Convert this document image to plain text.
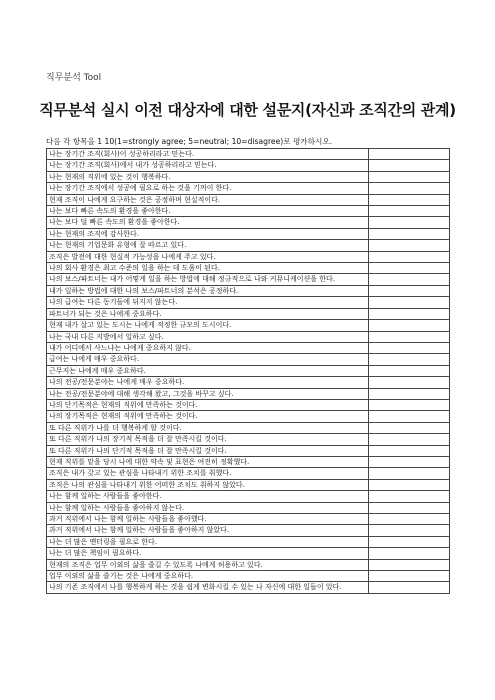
직무분석 Tool
직무분석 실시 이전 대상자에 대한 설문지(자신과 조직간의 관계)
다음 각 항목을 1 10(1=strongly agree; 5=neutral; 10=disagree)로 평가하시오.
나는 장기간 조직(회사)이 성공하리라고 믿는다.	
나는 장기간 조직(회사)에서 내가 성공하리라고 믿는다.	
나는 현재의 직위에 있는 것이 행복하다.	
나는 장기간 조직에서 성공에 필요로 하는 것을 기꺼이 한다.	
현재 조직이 나에게 요구하는 것은 공정하며 현실적이다.	
나는 보다 빠른 속도의 환경을 좋아한다.	
나는 보다 덜 빠른 속도의 환경을 좋아한다.	
나는 현재의 조직에 감사한다.	
나는 현재의 기업문화 유형에 잘 따르고 있다.	
조직은 발전에 대한 현실적 가능성을 나에게 주고 있다.	
나의 회사 환경은 최고 수준의 일을 하는 데 도움이 된다.	
나의 보스/파트너는 내가 어떻게 일을 하는 방법에 대해 정규적으로 나와 커뮤니케이션을 한다.	
내가 일하는 방법에 대한 나의 보스/파트너의 분석은 공정하다.	
나의 급여는 다른 동기들에 뒤지지 않는다.	
파트너가 되는 것은 나에게 중요하다.	
현재 내가 살고 있는 도시는 나에게 적정한 규모의 도시이다.	
나는 국내 다른 지방에서 일하고 싶다.	
내가 어디에서 사느냐는 나에게 중요하지 않다.	
급여는 나에게 매우 중요하다.	
근무지는 나에게 매우 중요하다.	
나의 전공/전문분야는 나에게 매우 중요하다.	
나는 전공/전문분야에 대해 생각해 왔고, 그것을 바꾸고 싶다.	
나의 단기목적은 현재의 직위에 만족하는 것이다.	
나의 장기목적은 현재의 직위에 만족하는 것이다.	
또 다른 직위가 나를 더 행복하게 할 것이다.	
또 다른 직위가 나의 장기적 목적을 더 잘 만족시킬 것이다.	
또 다른 직위가 나의 단기적 목적을 더 잘 만족시킬 것이다.	
현재 직위를 맡을 당시 나에 대한 약속 및 표현은 여전히 정확했다.	
조직은 내가 갖고 있는 관심을 나타내기 위한 조치를 취했다.	
조직은 나의 관심을 나타내기 위한 어떠한 조치도 취하지 않았다.	
나는 함께 일하는 사람들을 좋아한다.	
나는 함께 일하는 사람들을 좋아하지 않는다.	
과거 직위에서 나는 함께 일하는 사람들을 좋아했다.	
과거 직위에서 나는 함께 일하는 사람들을 좋아하지 않았다.	
나는 더 많은 멘터링을 필요로 한다.	
나는 더 많은 책임이 필요하다.	
현재의 조직은 업무 이외의 삶을 즐길 수 있도록 나에게 허용하고 있다.	
업무 이외의 삶을 즐기는 것은 나에게 중요하다.	
나의 기존 조직에서 나를 행복하게 하는 것을 쉽게 변화시킬 수 있는 나 자신에 대한 일들이 있다.	
